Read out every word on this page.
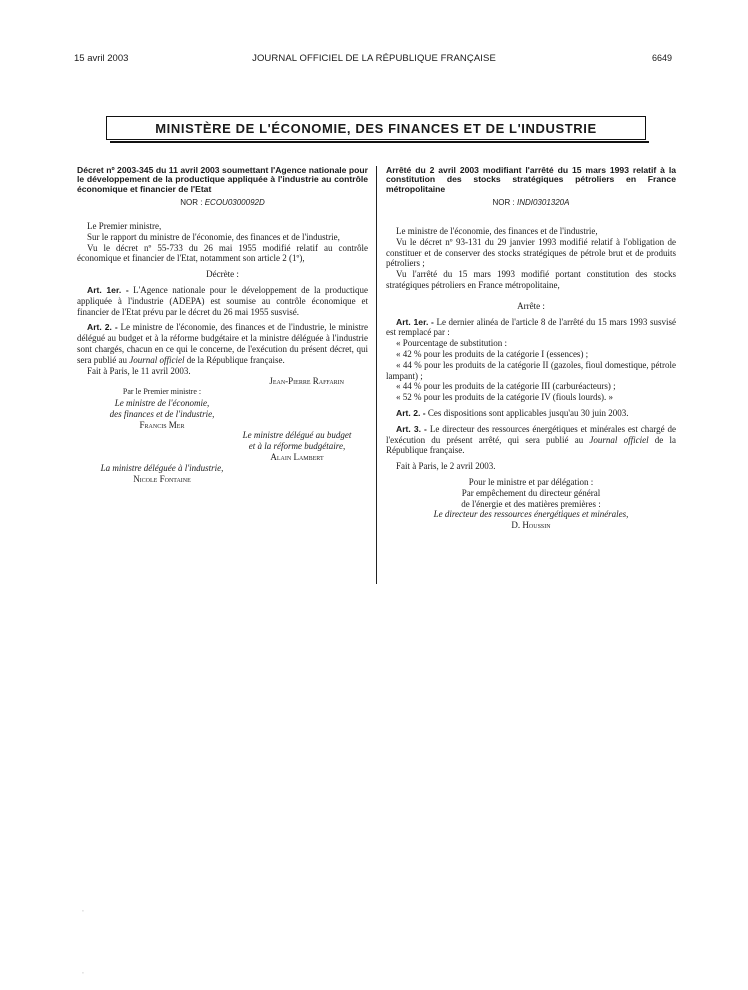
15 avril 2003	JOURNAL OFFICIEL DE LA RÉPUBLIQUE FRANÇAISE	6649
MINISTÈRE DE L'ÉCONOMIE, DES FINANCES ET DE L'INDUSTRIE
Décret nº 2003-345 du 11 avril 2003 soumettant l'Agence nationale pour le développement de la productique appliquée à l'industrie au contrôle économique et financier de l'Etat
NOR : ECOU0300092D

Le Premier ministre,

Sur le rapport du ministre de l'économie, des finances et de l'industrie,

Vu le décret nº 55-733 du 26 mai 1955 modifié relatif au contrôle économique et financier de l'Etat, notamment son article 2 (1º),

Décrète :

Art. 1er. - L'Agence nationale pour le développement de la productique appliquée à l'industrie (ADEPA) est soumise au contrôle économique et financier de l'Etat prévu par le décret du 26 mai 1955 susvisé.

Art. 2. - Le ministre de l'économie, des finances et de l'industrie, le ministre délégué au budget et à la réforme budgétaire et la ministre déléguée à l'industrie sont chargés, chacun en ce qui le concerne, de l'exécution du présent décret, qui sera publié au Journal officiel de la République française.

Fait à Paris, le 11 avril 2003.

Jean-Pierre Raffarin

Par le Premier ministre :
Le ministre de l'économie,
des finances et de l'industrie,
Francis Mer
Le ministre délégué au budget
et à la réforme budgétaire,
Alain Lambert
La ministre déléguée à l'industrie,
Nicole Fontaine
Arrêté du 2 avril 2003 modifiant l'arrêté du 15 mars 1993 relatif à la constitution des stocks stratégiques pétroliers en France métropolitaine
NOR : INDI0301320A

Le ministre de l'économie, des finances et de l'industrie,

Vu le décret nº 93-131 du 29 janvier 1993 modifié relatif à l'obligation de constituer et de conserver des stocks stratégiques de pétrole brut et de produits pétroliers ;

Vu l'arrêté du 15 mars 1993 modifié portant constitution des stocks stratégiques pétroliers en France métropolitaine,

Arrête :

Art. 1er. - Le dernier alinéa de l'article 8 de l'arrêté du 15 mars 1993 susvisé est remplacé par :

« Pourcentage de substitution :

« 42 % pour les produits de la catégorie I (essences) ;

« 44 % pour les produits de la catégorie II (gazoles, fioul domestique, pétrole lampant) ;

« 44 % pour les produits de la catégorie III (carburéacteurs) ;

« 52 % pour les produits de la catégorie IV (fiouls lourds). »

Art. 2. - Ces dispositions sont applicables jusqu'au 30 juin 2003.

Art. 3. - Le directeur des ressources énergétiques et minérales est chargé de l'exécution du présent arrêté, qui sera publié au Journal officiel de la République française.

Fait à Paris, le 2 avril 2003.

Pour le ministre et par délégation :
Par empêchement du directeur général
de l'énergie et des matières premières :
Le directeur des ressources énergétiques et minérales,
D. Houssin
‧
‧
